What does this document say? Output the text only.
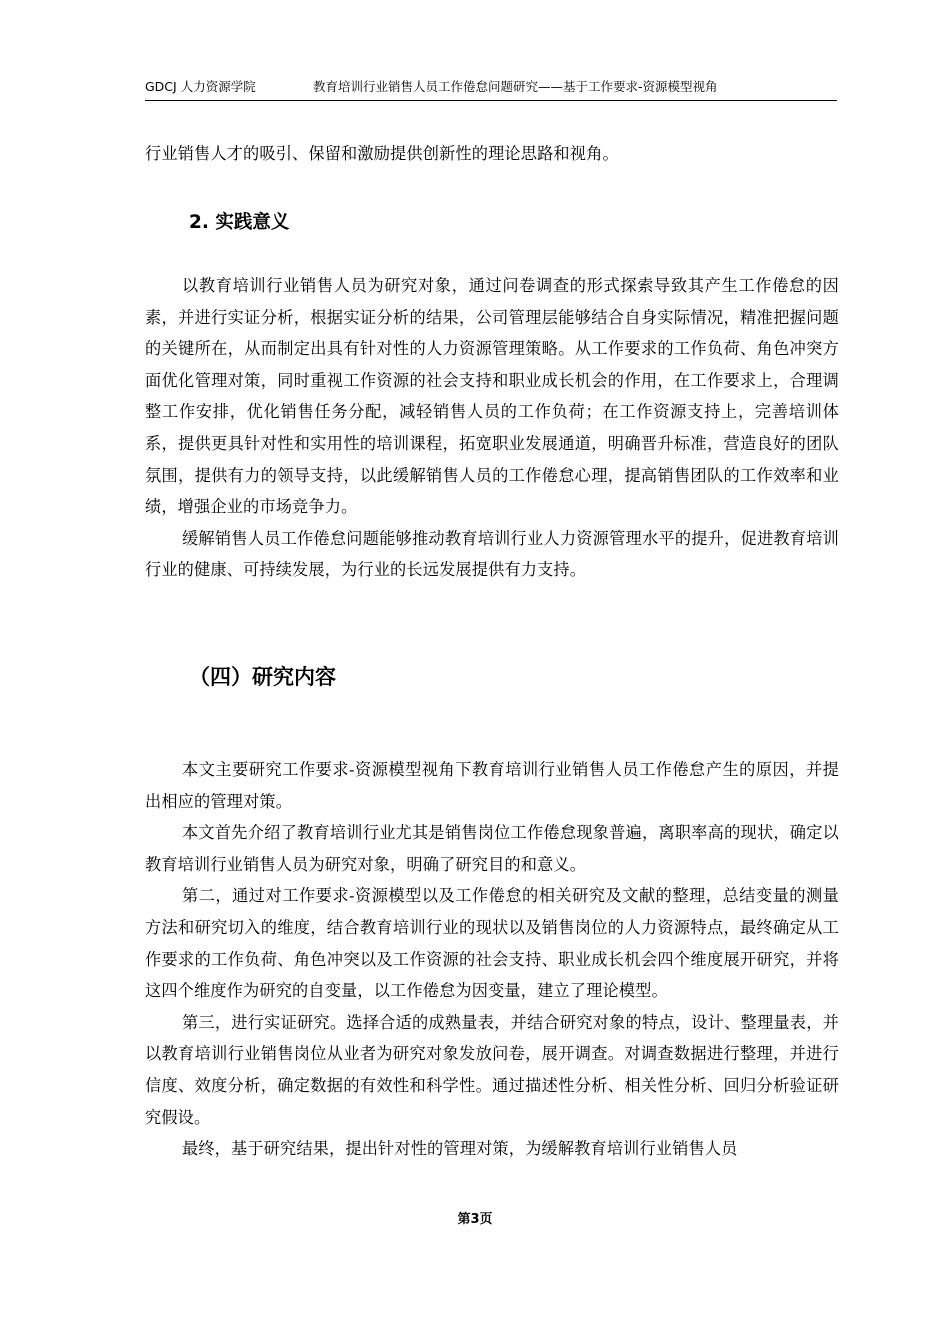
GDCJ 人力资源学院	教育培训行业销售人员工作倦怠问题研究——基于工作要求-资源模型视角

行业销售人才的吸引、保留和激励提供创新性的理论思路和视角。

2. 实践意义

以教育培训行业销售人员为研究对象，通过问卷调查的形式探索导致其产生工作倦怠的因素，并进行实证分析，根据实证分析的结果，公司管理层能够结合自身实际情况，精准把握问题的关键所在，从而制定出具有针对性的人力资源管理策略。从工作要求的工作负荷、角色冲突方面优化管理对策，同时重视工作资源的社会支持和职业成长机会的作用，在工作要求上，合理调整工作安排，优化销售任务分配，减轻销售人员的工作负荷；在工作资源支持上，完善培训体系，提供更具针对性和实用性的培训课程，拓宽职业发展通道，明确晋升标准，营造良好的团队氛围，提供有力的领导支持，以此缓解销售人员的工作倦怠心理，提高销售团队的工作效率和业绩，增强企业的市场竞争力。

缓解销售人员工作倦怠问题能够推动教育培训行业人力资源管理水平的提升，促进教育培训行业的健康、可持续发展，为行业的长远发展提供有力支持。

（四）研究内容

本文主要研究工作要求-资源模型视角下教育培训行业销售人员工作倦怠产生的原因，并提出相应的管理对策。

本文首先介绍了教育培训行业尤其是销售岗位工作倦怠现象普遍，离职率高的现状，确定以教育培训行业销售人员为研究对象，明确了研究目的和意义。

第二，通过对工作要求-资源模型以及工作倦怠的相关研究及文献的整理，总结变量的测量方法和研究切入的维度，结合教育培训行业的现状以及销售岗位的人力资源特点，最终确定从工作要求的工作负荷、角色冲突以及工作资源的社会支持、职业成长机会四个维度展开研究，并将这四个维度作为研究的自变量，以工作倦怠为因变量，建立了理论模型。

第三，进行实证研究。选择合适的成熟量表，并结合研究对象的特点，设计、整理量表，并以教育培训行业销售岗位从业者为研究对象发放问卷，展开调查。对调查数据进行整理，并进行信度、效度分析，确定数据的有效性和科学性。通过描述性分析、相关性分析、回归分析验证研究假设。

最终，基于研究结果，提出针对性的管理对策，为缓解教育培训行业销售人员

第3页
